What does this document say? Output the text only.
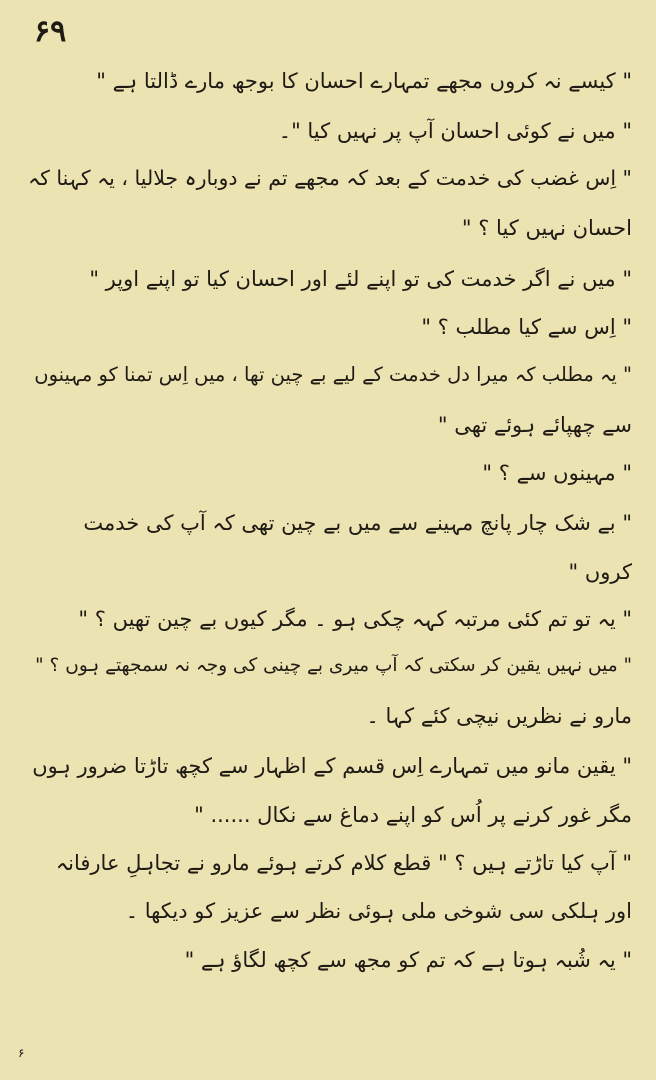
۶۹
" کیسے نہ کروں مجھے تمہارے احسان کا بوجھ مارے ڈالتا ہے "
" میں نے کوئی احسان آپ پر نہیں کیا "۔
" اِس غضب کی خدمت کے بعد کہ مجھے تم نے دوبارہ جلالیا ، یہ کہنا کہ
احسان نہیں کیا ؟ "
" میں نے اگر خدمت کی تو اپنے لئے اور احسان کیا تو اپنے اوپر "
" اِس سے کیا مطلب ؟ "
" یہ مطلب کہ میرا دل خدمت کے لیے بے چین تھا ، میں اِس تمنا کو مہینوں
سے چھپائے ہوئے تھی "
" مہینوں سے ؟ "
" بے شک چار پانچ مہینے سے میں بے چین تھی کہ آپ کی خدمت
کروں "
" یہ تو تم کئی مرتبہ کہہ چکی ہو ۔ مگر کیوں بے چین تھیں ؟ "
" میں نہیں یقین کر سکتی کہ آپ میری بے چینی کی وجہ نہ سمجھتے ہوں ؟ "
مارو نے نظریں نیچی کئے کہا ۔
" یقین مانو میں تمہارے اِس قسم کے اظہار سے کچھ تاڑتا ضرور ہوں
مگر غور کرنے پر اُس کو اپنے دماغ سے نکال ...... "
" آپ کیا تاڑتے ہیں ؟ " قطع کلام کرتے ہوئے مارو نے تجاہلِ عارفانہ
اور ہلکی سی شوخی ملی ہوئی نظر سے عزیز کو دیکھا ۔
" یہ شُبہ ہوتا ہے کہ تم کو مجھ سے کچھ لگاؤ ہے "
۶
